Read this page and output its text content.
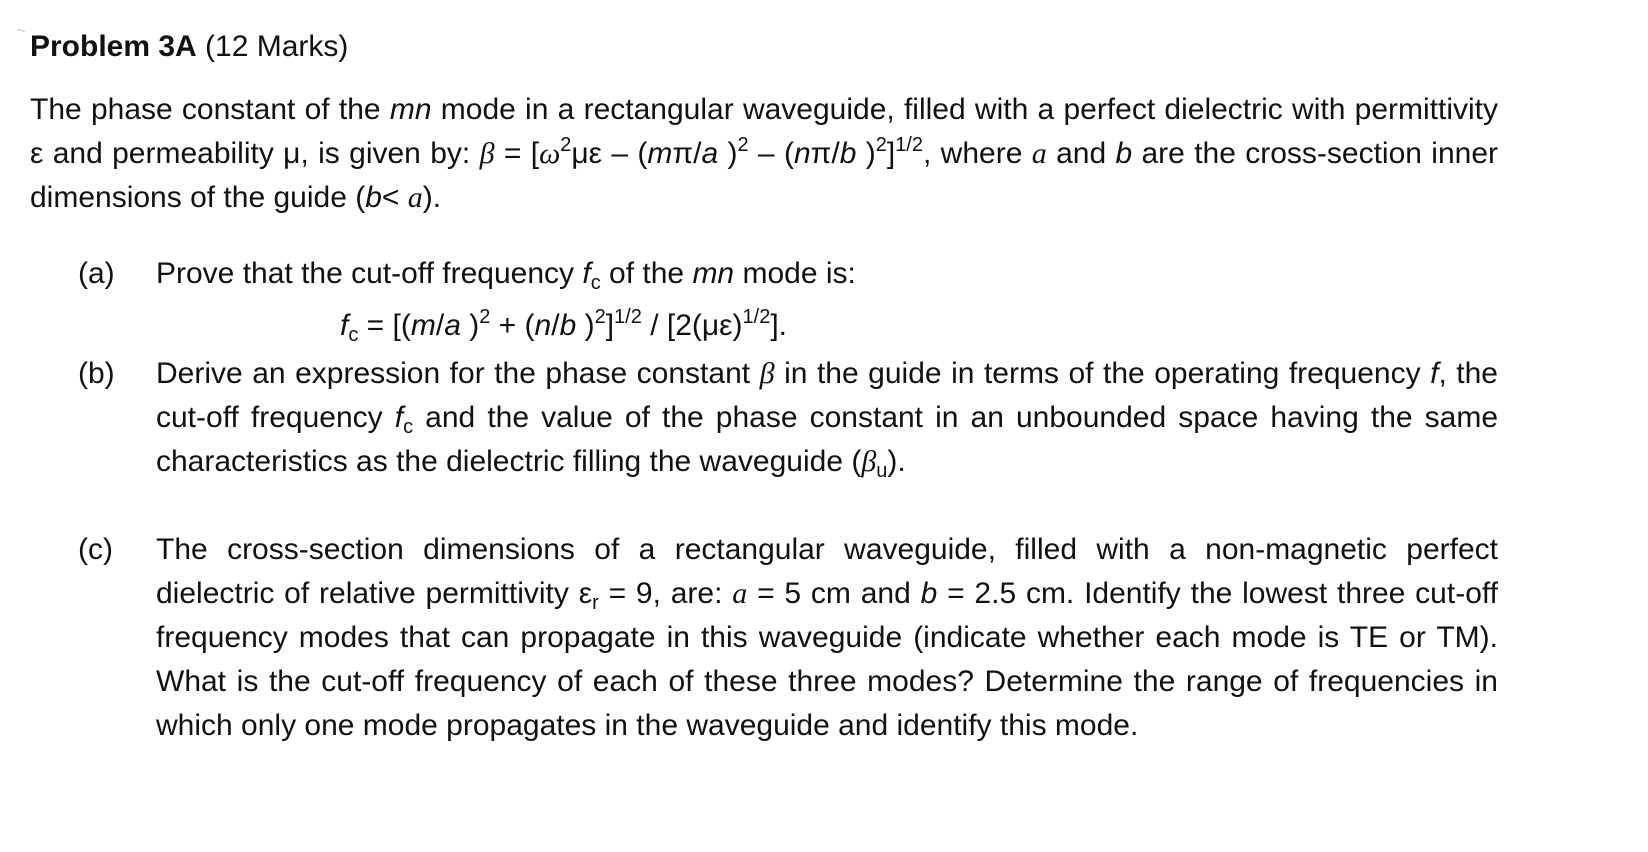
Problem 3A (12 Marks)
The phase constant of the mn mode in a rectangular waveguide, filled with a perfect dielectric with permittivity ε and permeability μ, is given by: $\beta = [\omega^2\mu\varepsilon - (m\pi/a$ )$^2$ – (nπ/b )$^2$]$^{1/2}$, where a and b are the cross-section inner dimensions of the guide (b< a).
(a)	Prove that the cut-off frequency $f_c$ of the mn mode is:
$f_c = [(m/a$ )$^2$ + (n/b )$^2]^{1/2} / [2(\mu\varepsilon)^{1/2}]$.
(b)	Derive an expression for the phase constant β in the guide in terms of the operating frequency f, the cut-off frequency $f_c$ and the value of the phase constant in an unbounded space having the same characteristics as the dielectric filling the waveguide $(\beta_u)$.
(c)	The cross-section dimensions of a rectangular waveguide, filled with a non-magnetic perfect dielectric of relative permittivity $\varepsilon_r = 9$, are: a = 5 cm and b = 2.5 cm. Identify the lowest three cut-off frequency modes that can propagate in this waveguide (indicate whether each mode is TE or TM). What is the cut-off frequency of each of these three modes? Determine the range of frequencies in which only one mode propagates in the waveguide and identify this mode.
